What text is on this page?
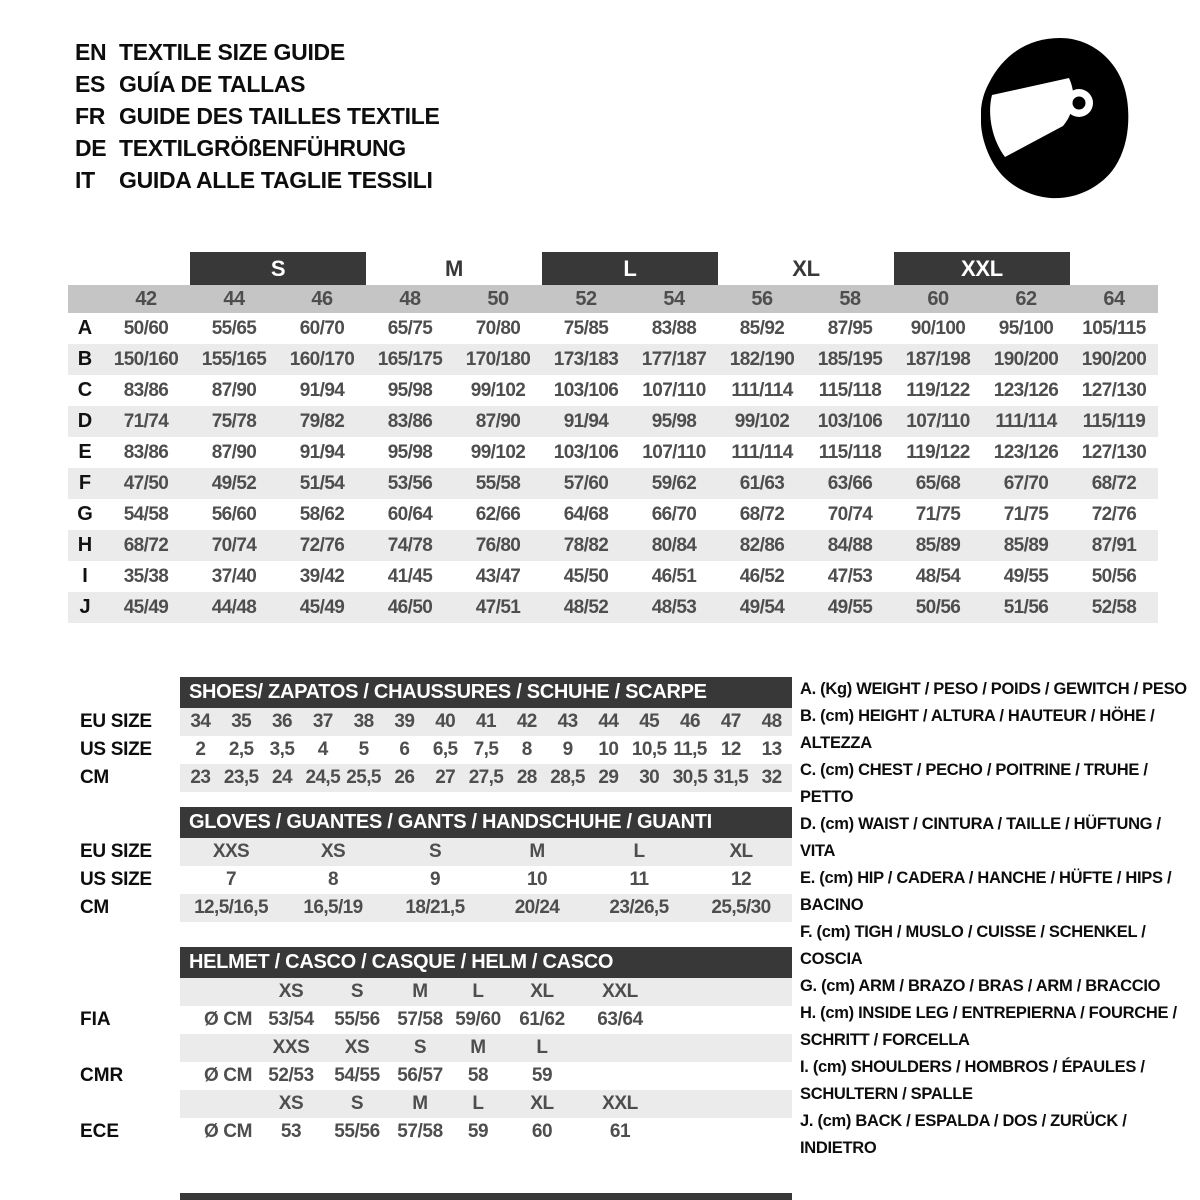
EN TEXTILE SIZE GUIDE
ES GUÍA DE TALLAS
FR GUIDE DES TAILLES TEXTILE
DE TEXTILGRÖßENFÜHRUNG
IT	GUIDA ALLE TAGLIE TESSILI
S	M	L	XL	XXL
42	44	46	48	50	52	54	56	58	60	62	64
A	50/60	55/65	60/70	65/75	70/80	75/85	83/88	85/92	87/95	90/100	95/100	105/115
B	150/160	155/165	160/170	165/175	170/180	173/183	177/187	182/190	185/195	187/198	190/200	190/200
C	83/86	87/90	91/94	95/98	99/102	103/106	107/110	111/114	115/118	119/122	123/126	127/130
D	71/74	75/78	79/82	83/86	87/90	91/94	95/98	99/102	103/106	107/110	111/114	115/119
E	83/86	87/90	91/94	95/98	99/102	103/106	107/110	111/114	115/118	119/122	123/126	127/130
F	47/50	49/52	51/54	53/56	55/58	57/60	59/62	61/63	63/66	65/68	67/70	68/72
G	54/58	56/60	58/62	60/64	62/66	64/68	66/70	68/72	70/74	71/75	71/75	72/76
H	68/72	70/74	72/76	74/78	76/80	78/82	80/84	82/86	84/88	85/89	85/89	87/91
I	35/38	37/40	39/42	41/45	43/47	45/50	46/51	46/52	47/53	48/54	49/55	50/56
J	45/49	44/48	45/49	46/50	47/51	48/52	48/53	49/54	49/55	50/56	51/56	52/58
EU SIZE
US SIZE
CM
SHOES/ ZAPATOS / CHAUSSURES / SCHUHE / SCARPE
34	35	36	37	38	39	40	41	42	43	44	45	46	47	48
2	2,5 3,5	4	5	6	6,5 7,5	8	9	10 10,5 11,5 12	13
23 23,5 24 24,5 25,5 26	27 27,5 28 28,5 29	30 30,5 31,5 32
EU SIZE
US SIZE
CM
GLOVES / GUANTES / GANTS / HANDSCHUHE / GUANTI
XXS	XS	S	M	L	XL
7	8	9	10	11	12
12,5/16,5	16,5/19	18/21,5	20/24	23/26,5	25,5/30
FIA
CMR
ECE
HELMET / CASCO / CASQUE / HELM / CASCO
XS	S	M	L	XL	XXL
Ø CM 53/54	55/56 57/58 59/60 61/62	63/64
XXS	XS	S	M	L
Ø CM 52/53	54/55 56/57	58	59
XS	S	M	L	XL	XXL
Ø CM	53	55/56 57/58	59	60	61
A. (Kg) WEIGHT / PESO / POIDS / GEWITCH / PESO
B. (cm) HEIGHT / ALTURA / HAUTEUR / HÖHE / ALTEZZA
C. (cm) CHEST / PECHO / POITRINE / TRUHE / PETTO
D. (cm) WAIST / CINTURA / TAILLE / HÜFTUNG / VITA
E. (cm) HIP / CADERA / HANCHE / HÜFTE / HIPS / BACINO
F. (cm) TIGH / MUSLO / CUISSE / SCHENKEL / COSCIA
G. (cm) ARM / BRAZO / BRAS / ARM / BRACCIO
H. (cm) INSIDE LEG / ENTREPIERNA / FOURCHE / SCHRITT / FORCELLA
I. (cm) SHOULDERS / HOMBROS / ÉPAULES / SCHULTERN / SPALLE
J. (cm) BACK / ESPALDA / DOS / ZURÜCK / INDIETRO
